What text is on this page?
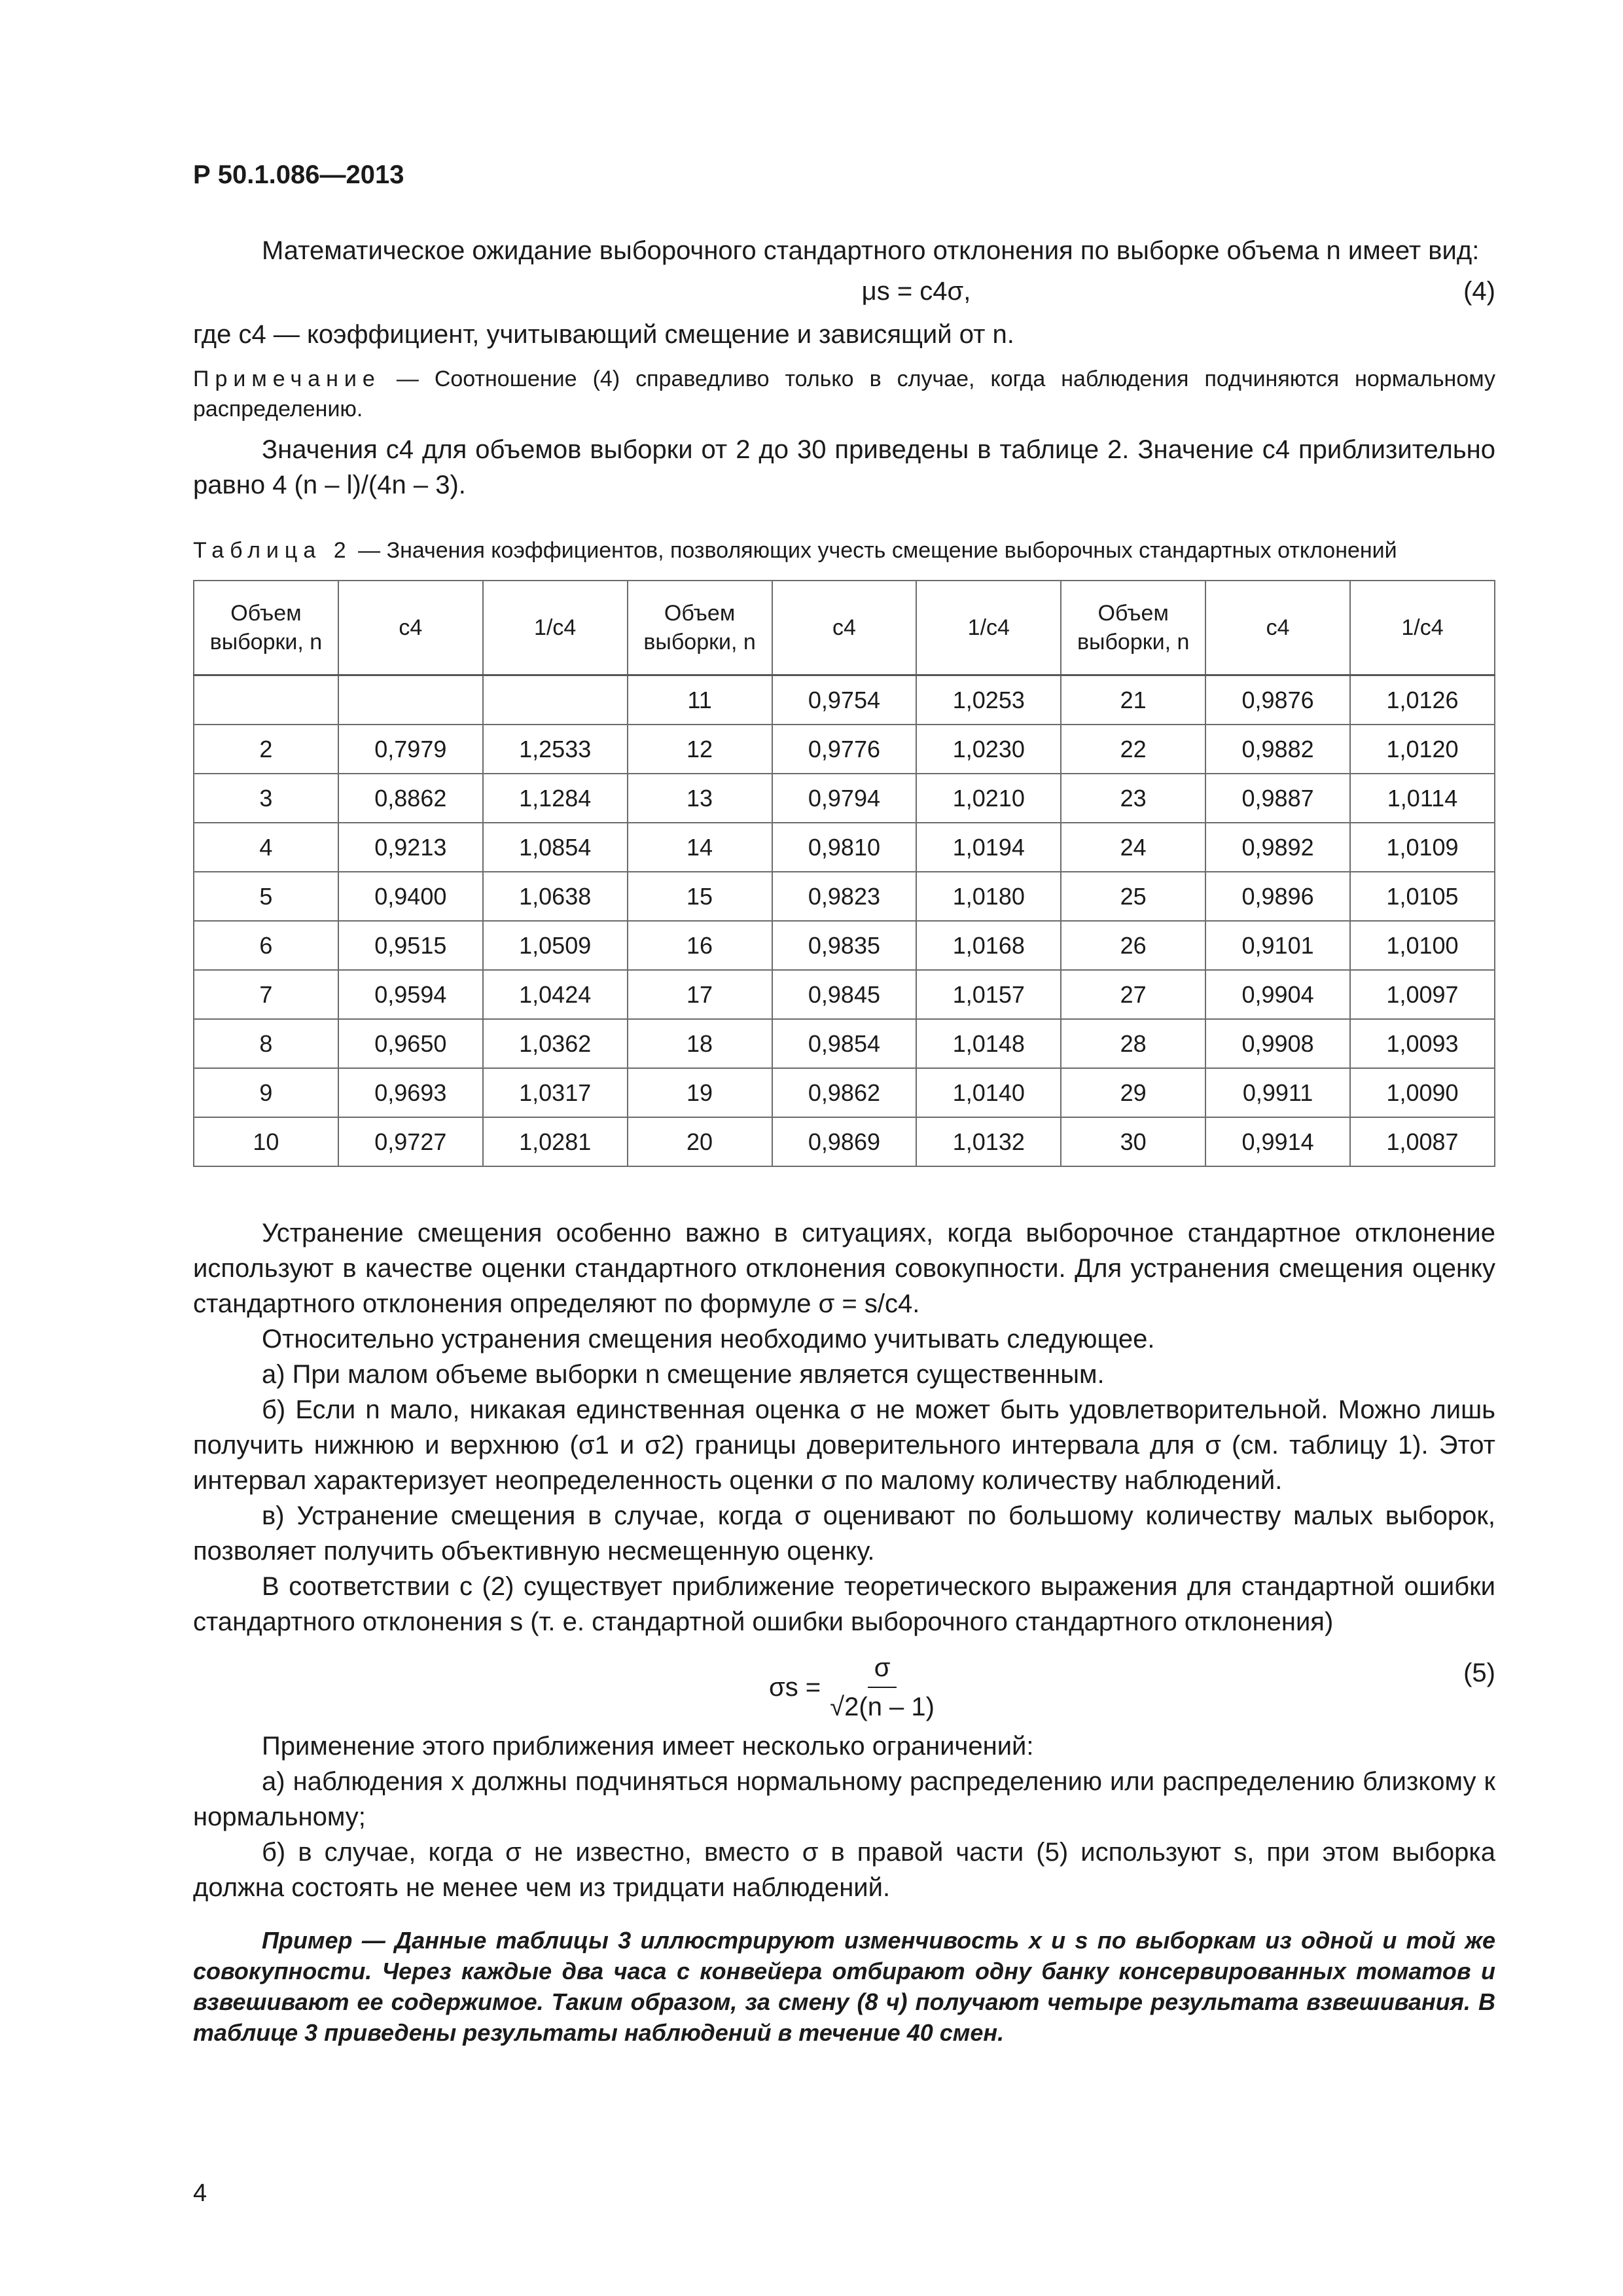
Р 50.1.086—2013

Математическое ожидание выборочного стандартного отклонения по выборке объема n имеет вид:

μs = c4σ,	(4)

где c4 — коэффициент, учитывающий смещение и зависящий от n.

Примечание — Соотношение (4) справедливо только в случае, когда наблюдения подчиняются нормальному распределению.

Значения c4 для объемов выборки от 2 до 30 приведены в таблице 2. Значение c4 приблизительно равно 4 (n – l)/(4n – 3).

Таблица 2 — Значения коэффициентов, позволяющих учесть смещение выборочных стандартных отклонений
Объем выборки, n	c4	1/c4	Объем выборки, n	c4	1/c4	Объем выборки, n	c4	1/c4
			11	0,9754	1,0253	21	0,9876	1,0126
2	0,7979	1,2533	12	0,9776	1,0230	22	0,9882	1,0120
3	0,8862	1,1284	13	0,9794	1,0210	23	0,9887	1,0114
4	0,9213	1,0854	14	0,9810	1,0194	24	0,9892	1,0109
5	0,9400	1,0638	15	0,9823	1,0180	25	0,9896	1,0105
6	0,9515	1,0509	16	0,9835	1,0168	26	0,9101	1,0100
7	0,9594	1,0424	17	0,9845	1,0157	27	0,9904	1,0097
8	0,9650	1,0362	18	0,9854	1,0148	28	0,9908	1,0093
9	0,9693	1,0317	19	0,9862	1,0140	29	0,9911	1,0090
10	0,9727	1,0281	20	0,9869	1,0132	30	0,9914	1,0087

Устранение смещения особенно важно в ситуациях, когда выборочное стандартное отклонение используют в качестве оценки стандартного отклонения совокупности. Для устранения смещения оценку стандартного отклонения определяют по формуле σ = s/c4.

Относительно устранения смещения необходимо учитывать следующее.

а) При малом объеме выборки n смещение является существенным.

б) Если n мало, никакая единственная оценка σ не может быть удовлетворительной. Можно лишь получить нижнюю и верхнюю (σ1 и σ2) границы доверительного интервала для σ (см. таблицу 1). Этот интервал характеризует неопределенность оценки σ по малому количеству наблюдений.

в) Устранение смещения в случае, когда σ оценивают по большому количеству малых выборок, позволяет получить объективную несмещенную оценку.

В соответствии с (2) существует приближение теоретического выражения для стандартной ошибки стандартного отклонения s (т. е. стандартной ошибки выборочного стандартного отклонения)

$\sigma s = \frac{\sigma}{√2(n - 1)}$	(5)

Применение этого приближения имеет несколько ограничений:

а) наблюдения x должны подчиняться нормальному распределению или распределению близкому к нормальному;

б) в случае, когда σ не известно, вместо σ в правой части (5) используют s, при этом выборка должна состоять не менее чем из тридцати наблюдений.

Пример — Данные таблицы 3 иллюстрируют изменчивость x и s по выборкам из одной и той же совокупности. Через каждые два часа с конвейера отбирают одну банку консервированных томатов и взвешивают ее содержимое. Таким образом, за смену (8 ч) получают четыре результата взвешивания. В таблице 3 приведены результаты наблюдений в течение 40 смен.

4
